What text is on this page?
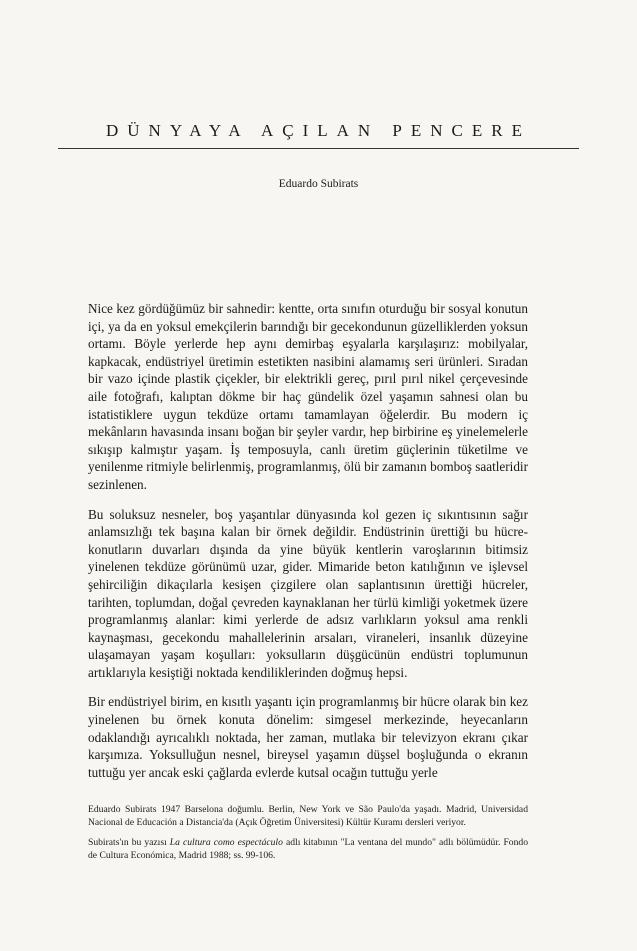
DÜNYAYA AÇILAN PENCERE
Eduardo Subirats

Nice kez gördüğümüz bir sahnedir: kentte, orta sınıfın oturduğu bir sosyal konutun içi, ya da en yoksul emekçilerin barındığı bir gecekondunun güzelliklerden yoksun ortamı. Böyle yerlerde hep aynı demirbaş eşyalarla karşılaşırız: mobilyalar, kapkacak, endüstriyel üretimin estetikten nasibini alamamış seri ürünleri. Sıradan bir vazo içinde plastik çiçekler, bir elektrikli gereç, pırıl pırıl nikel çerçevesinde aile fotoğrafı, kalıptan dökme bir haç gündelik özel yaşamın sahnesi olan bu istatistiklere uygun tekdüze ortamı tamamlayan öğelerdir. Bu modern iç mekânların havasında insanı boğan bir şeyler vardır, hep birbirine eş yinelemelerle sıkışıp kalmıştır yaşam. İş temposuyla, canlı üretim güçlerinin tüketilme ve yenilenme ritmiyle belirlenmiş, programlanmış, ölü bir zamanın bomboş saatleridir sezinlenen.

Bu soluksuz nesneler, boş yaşantılar dünyasında kol gezen iç sıkıntısının sağır anlamsızlığı tek başına kalan bir örnek değildir. Endüstrinin ürettiği bu hücre-konutların duvarları dışında da yine büyük kentlerin varoşlarının bitimsiz yinelenen tekdüze görünümü uzar, gider. Mimaride beton katılığının ve işlevsel şehirciliğin dikaçılarla kesişen çizgilere olan saplantısının ürettiği hücreler, tarihten, toplumdan, doğal çevreden kaynaklanan her türlü kimliği yoketmek üzere programlanmış alanlar: kimi yerlerde de adsız varlıkların yoksul ama renkli kaynaşması, gecekondu mahallelerinin arsaları, viraneleri, insanlık düzeyine ulaşamayan yaşam koşulları: yoksulların düşgücünün endüstri toplumunun artıklarıyla kesiştiği noktada kendiliklerinden doğmuş hepsi.

Bir endüstriyel birim, en kısıtlı yaşantı için programlanmış bir hücre olarak bin kez yinelenen bu örnek konuta dönelim: simgesel merkezinde, heyecanların odaklandığı ayrıcalıklı noktada, her zaman, mutlaka bir televizyon ekranı çıkar karşımıza. Yoksulluğun nesnel, bireysel yaşamın düşsel boşluğunda o ekranın tuttuğu yer ancak eski çağlarda evlerde kutsal ocağın tuttuğu yerle

Eduardo Subirats 1947 Barselona doğumlu. Berlin, New York ve São Paulo'da yaşadı. Madrid, Universidad Nacional de Educación a Distancia'da (Açık Öğretim Üniversitesi) Kültür Kuramı dersleri veriyor.

Subirats'ın bu yazısı La cultura como espectáculo adlı kitabının "La ventana del mundo" adlı bölümüdür. Fondo de Cultura Económica, Madrid 1988; ss. 99-106.
